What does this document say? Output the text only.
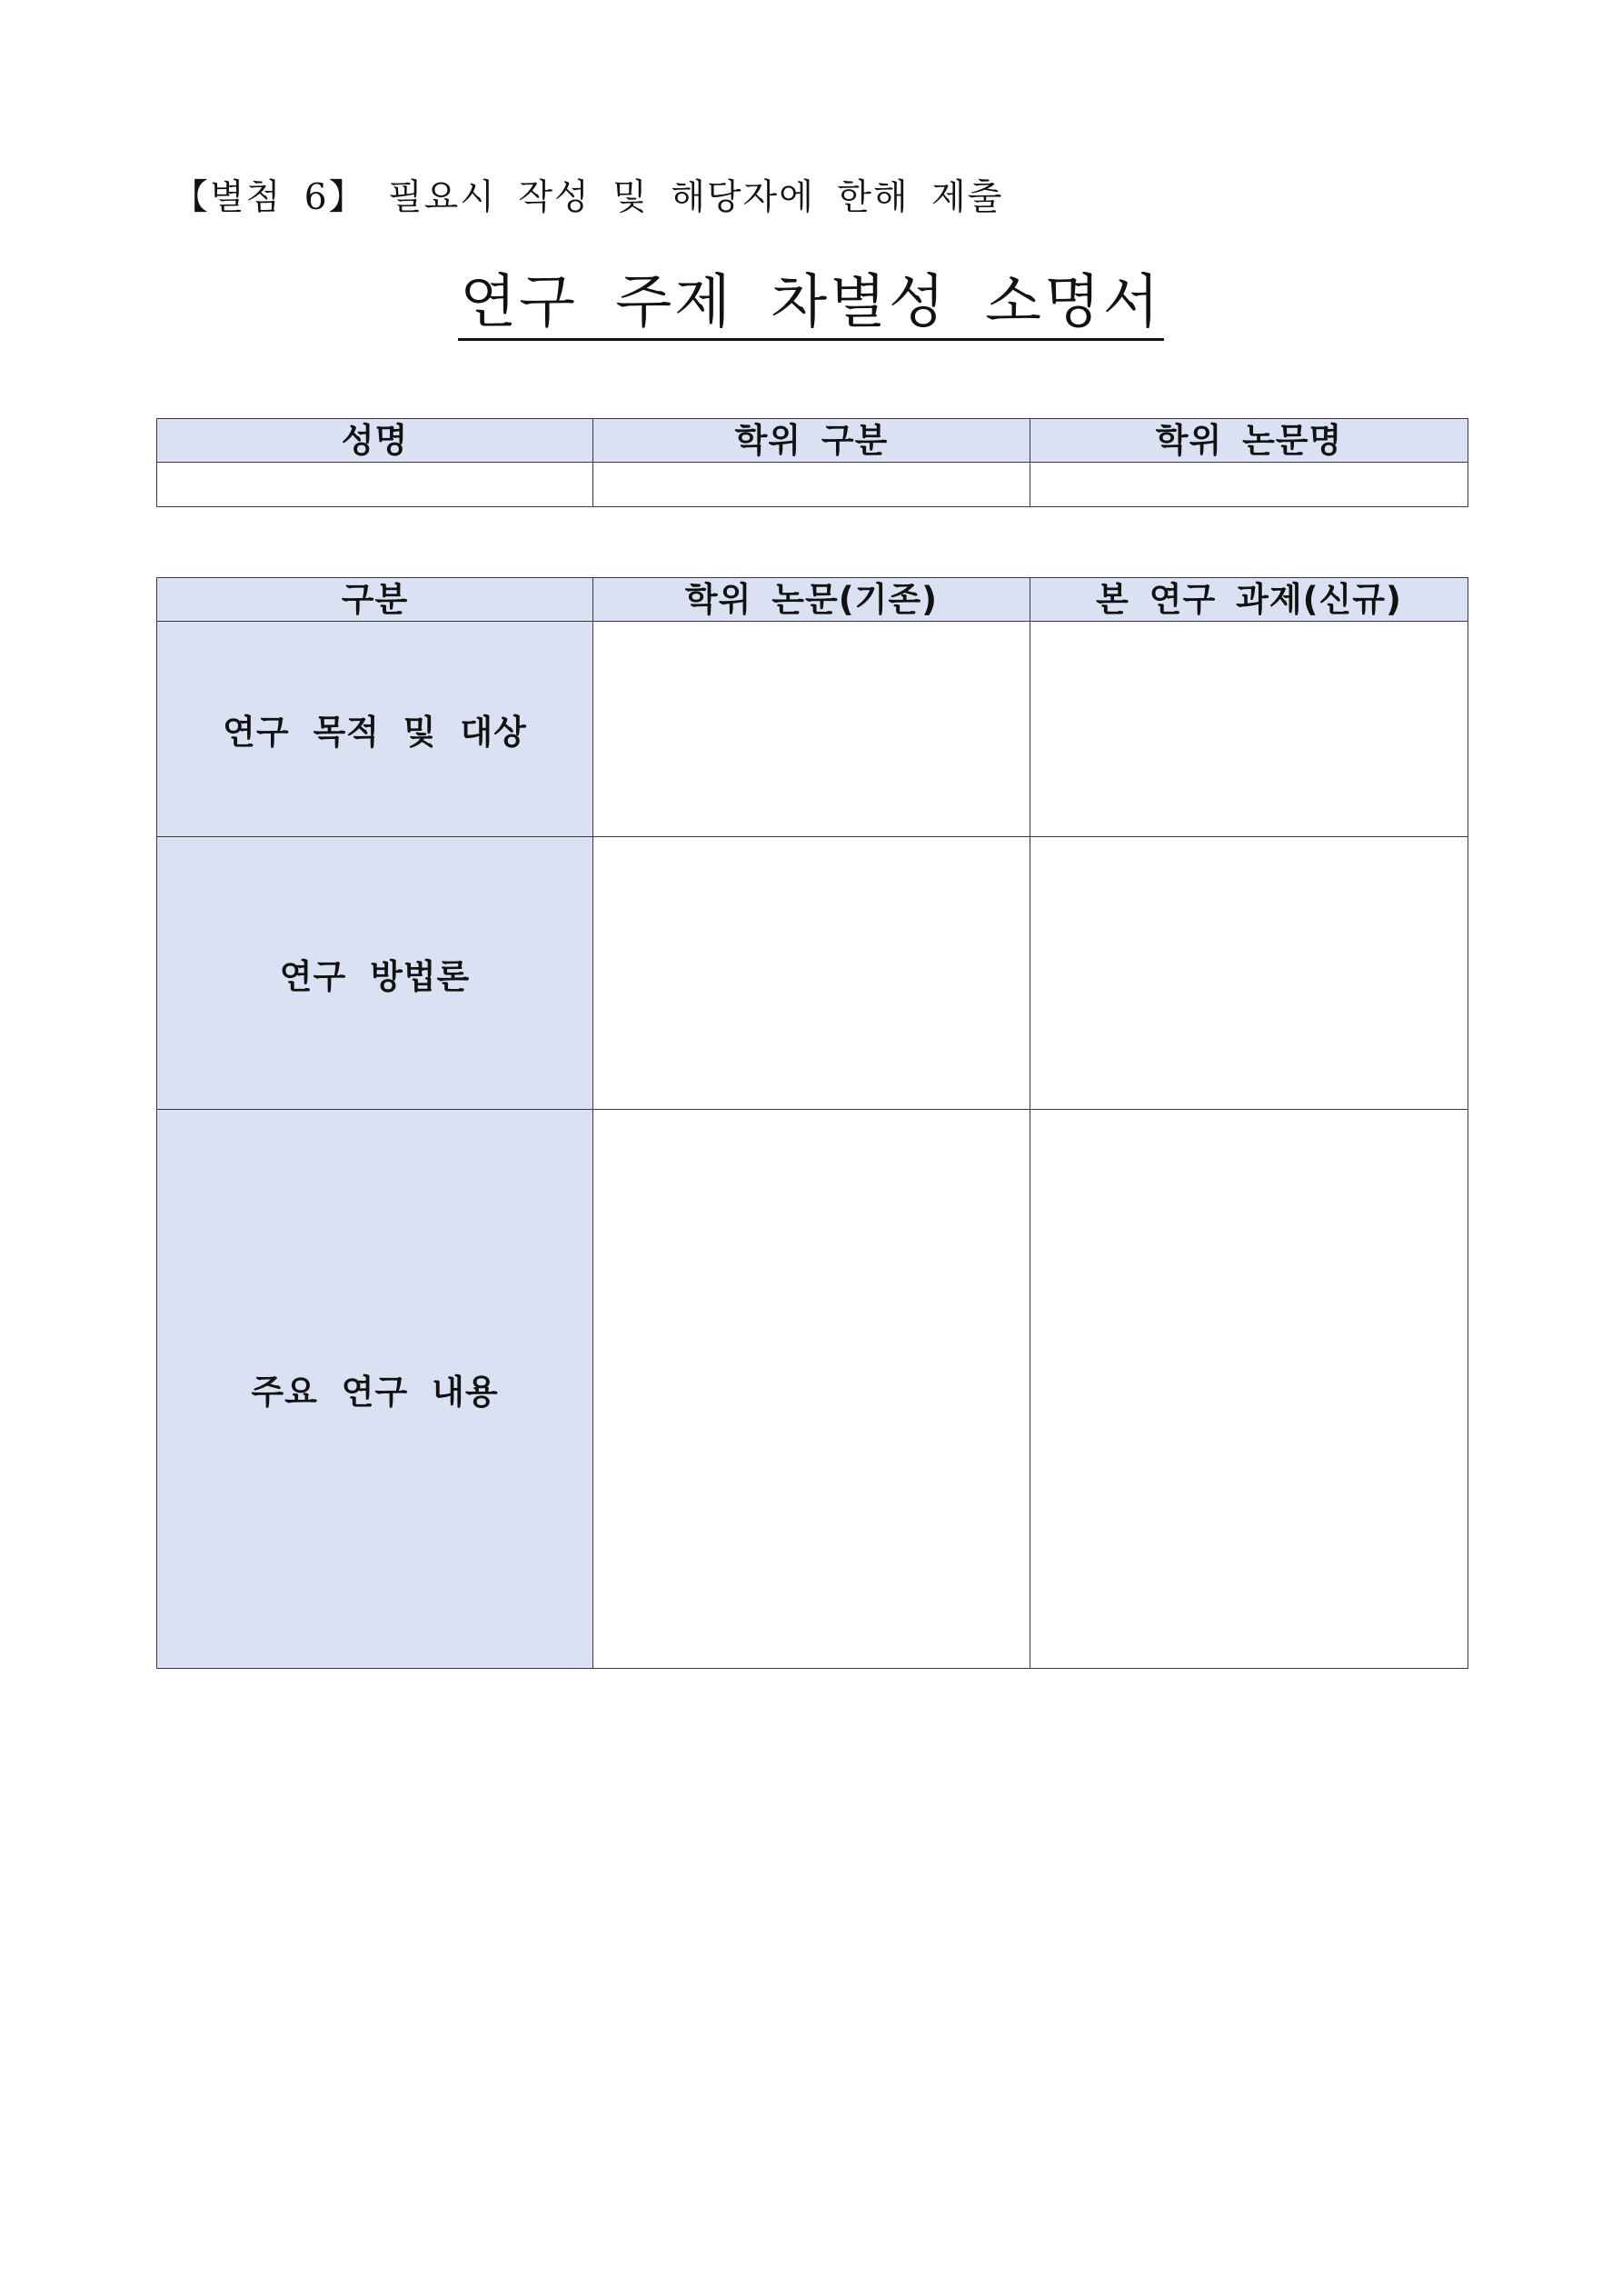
【별첨 6】 필요시 작성 및 해당자에 한해 제출
연구 주제 차별성 소명서
성명	학위 구분	학위 논문명

구분	학위 논문(기존)	본 연구 과제(신규)
연구 목적 및 대상		
연구 방법론		
주요 연구 내용		
